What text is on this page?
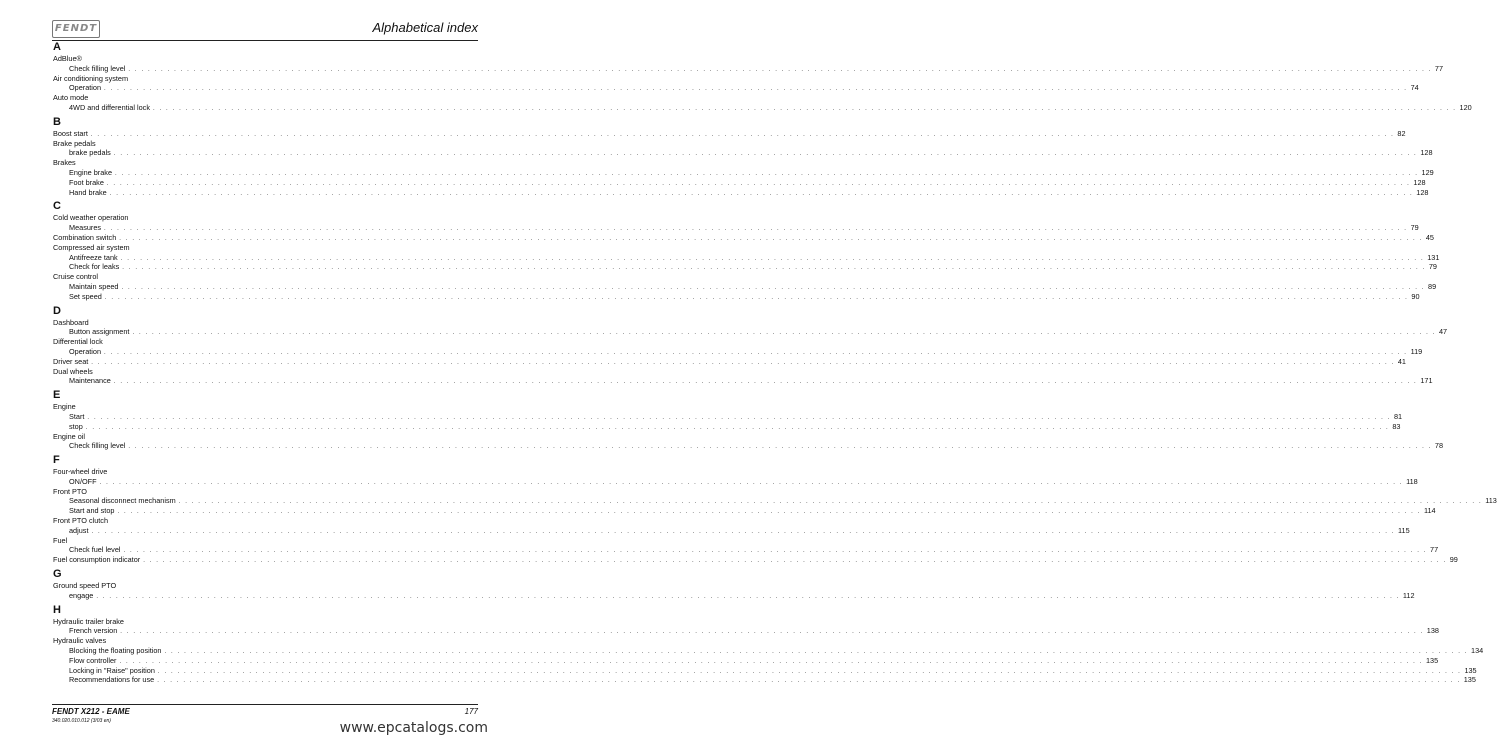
FENDT	Alphabetical index
A
AdBlue®
Check filling level . . . . . . . . . . . . . . . . . . . . . . . . . . . . . . . . . . . . . . . . . . . . . . . . . . . . . . . . . . . . . . . . . . . . . . . . . . . . . . . . . . . . . . . . . . . . . . . . . . . . . . . . . . . . . . . . . . . . . . . . . . . . . . . . . . . . . . . . . . . . . . . . . . . . . . . . . . . . . . . . . . . . . . . . . . . . . . . . . . . . . . . . . . . . . . . . . . . . . . . . 77
Air conditioning system
Operation . . . . . . . . . . . . . . . . . . . . . . . . . . . . . . . . . . . . . . . . . . . . . . . . . . . . . . . . . . . . . . . . . . . . . . . . . . . . . . . . . . . . . . . . . . . . . . . . . . . . . . . . . . . . . . . . . . . . . . . . . . . . . . . . . . . . . . . . . . . . . . . . . . . . . . . . . . . . . . . . . . . . . . . . . . . . . . . . . . . . . . . . . . . . . . . . . . . . . . . . 74
Auto mode
4WD and differential lock . . . . . . . . . . . . . . . . . . . . . . . . . . . . . . . . . . . . . . . . . . . . . . . . . . . . . . . . . . . . . . . . . . . . . . . . . . . . . . . . . . . . . . . . . . . . . . . . . . . . . . . . . . . . . . . . . . . . . . . . . . . . . . . . . . . . . . . . . . . . . . . . . . . . . . . . . . . . . . . . . . . . . . . . . . . . . . . . . . . . . . . . . . . . . . . . . . . . . . . . 120
B
Boost start . . . . . . . . . . . . . . . . . . . . . . . . . . . . . . . . . . . . . . . . . . . . . . . . . . . . . . . . . . . . . . . . . . . . . . . . . . . . . . . . . . . . . . . . . . . . . . . . . . . . . . . . . . . . . . . . . . . . . . . . . . . . . . . . . . . . . . . . . . . . . . . . . . . . . . . . . . . . . . . . . . . . . . . . . . . . . . . . . . . . . . . . . . . . . . . . . . . . . . . . 82
Brake pedals
brake pedals . . . . . . . . . . . . . . . . . . . . . . . . . . . . . . . . . . . . . . . . . . . . . . . . . . . . . . . . . . . . . . . . . . . . . . . . . . . . . . . . . . . . . . . . . . . . . . . . . . . . . . . . . . . . . . . . . . . . . . . . . . . . . . . . . . . . . . . . . . . . . . . . . . . . . . . . . . . . . . . . . . . . . . . . . . . . . . . . . . . . . . . . . . . . . . . . . . . . . . . . 128
Brakes
Engine brake . . . . . . . . . . . . . . . . . . . . . . . . . . . . . . . . . . . . . . . . . . . . . . . . . . . . . . . . . . . . . . . . . . . . . . . . . . . . . . . . . . . . . . . . . . . . . . . . . . . . . . . . . . . . . . . . . . . . . . . . . . . . . . . . . . . . . . . . . . . . . . . . . . . . . . . . . . . . . . . . . . . . . . . . . . . . . . . . . . . . . . . . . . . . . . . . . . . . . . . . 129
Foot brake . . . . . . . . . . . . . . . . . . . . . . . . . . . . . . . . . . . . . . . . . . . . . . . . . . . . . . . . . . . . . . . . . . . . . . . . . . . . . . . . . . . . . . . . . . . . . . . . . . . . . . . . . . . . . . . . . . . . . . . . . . . . . . . . . . . . . . . . . . . . . . . . . . . . . . . . . . . . . . . . . . . . . . . . . . . . . . . . . . . . . . . . . . . . . . . . . . . . . . . . 128
Hand brake . . . . . . . . . . . . . . . . . . . . . . . . . . . . . . . . . . . . . . . . . . . . . . . . . . . . . . . . . . . . . . . . . . . . . . . . . . . . . . . . . . . . . . . . . . . . . . . . . . . . . . . . . . . . . . . . . . . . . . . . . . . . . . . . . . . . . . . . . . . . . . . . . . . . . . . . . . . . . . . . . . . . . . . . . . . . . . . . . . . . . . . . . . . . . . . . . . . . . . . . 128
C
Cold weather operation
Measures . . . . . . . . . . . . . . . . . . . . . . . . . . . . . . . . . . . . . . . . . . . . . . . . . . . . . . . . . . . . . . . . . . . . . . . . . . . . . . . . . . . . . . . . . . . . . . . . . . . . . . . . . . . . . . . . . . . . . . . . . . . . . . . . . . . . . . . . . . . . . . . . . . . . . . . . . . . . . . . . . . . . . . . . . . . . . . . . . . . . . . . . . . . . . . . . . . . . . . . . 79
Combination switch . . . . . . . . . . . . . . . . . . . . . . . . . . . . . . . . . . . . . . . . . . . . . . . . . . . . . . . . . . . . . . . . . . . . . . . . . . . . . . . . . . . . . . . . . . . . . . . . . . . . . . . . . . . . . . . . . . . . . . . . . . . . . . . . . . . . . . . . . . . . . . . . . . . . . . . . . . . . . . . . . . . . . . . . . . . . . . . . . . . . . . . . . . . . . . . . . . . . . . . . 45
Compressed air system
Antifreeze tank . . . . . . . . . . . . . . . . . . . . . . . . . . . . . . . . . . . . . . . . . . . . . . . . . . . . . . . . . . . . . . . . . . . . . . . . . . . . . . . . . . . . . . . . . . . . . . . . . . . . . . . . . . . . . . . . . . . . . . . . . . . . . . . . . . . . . . . . . . . . . . . . . . . . . . . . . . . . . . . . . . . . . . . . . . . . . . . . . . . . . . . . . . . . . . . . . . . . . . . . 131
Check for leaks . . . . . . . . . . . . . . . . . . . . . . . . . . . . . . . . . . . . . . . . . . . . . . . . . . . . . . . . . . . . . . . . . . . . . . . . . . . . . . . . . . . . . . . . . . . . . . . . . . . . . . . . . . . . . . . . . . . . . . . . . . . . . . . . . . . . . . . . . . . . . . . . . . . . . . . . . . . . . . . . . . . . . . . . . . . . . . . . . . . . . . . . . . . . . . . . . . . . . . . . 79
Cruise control
Maintain speed . . . . . . . . . . . . . . . . . . . . . . . . . . . . . . . . . . . . . . . . . . . . . . . . . . . . . . . . . . . . . . . . . . . . . . . . . . . . . . . . . . . . . . . . . . . . . . . . . . . . . . . . . . . . . . . . . . . . . . . . . . . . . . . . . . . . . . . . . . . . . . . . . . . . . . . . . . . . . . . . . . . . . . . . . . . . . . . . . . . . . . . . . . . . . . . . . . . . . . . . 89
Set speed . . . . . . . . . . . . . . . . . . . . . . . . . . . . . . . . . . . . . . . . . . . . . . . . . . . . . . . . . . . . . . . . . . . . . . . . . . . . . . . . . . . . . . . . . . . . . . . . . . . . . . . . . . . . . . . . . . . . . . . . . . . . . . . . . . . . . . . . . . . . . . . . . . . . . . . . . . . . . . . . . . . . . . . . . . . . . . . . . . . . . . . . . . . . . . . . . . . . . . . . 90
D
Dashboard
Button assignment . . . . . . . . . . . . . . . . . . . . . . . . . . . . . . . . . . . . . . . . . . . . . . . . . . . . . . . . . . . . . . . . . . . . . . . . . . . . . . . . . . . . . . . . . . . . . . . . . . . . . . . . . . . . . . . . . . . . . . . . . . . . . . . . . . . . . . . . . . . . . . . . . . . . . . . . . . . . . . . . . . . . . . . . . . . . . . . . . . . . . . . . . . . . . . . . . . . . . . . . 47
Differential lock
Operation . . . . . . . . . . . . . . . . . . . . . . . . . . . . . . . . . . . . . . . . . . . . . . . . . . . . . . . . . . . . . . . . . . . . . . . . . . . . . . . . . . . . . . . . . . . . . . . . . . . . . . . . . . . . . . . . . . . . . . . . . . . . . . . . . . . . . . . . . . . . . . . . . . . . . . . . . . . . . . . . . . . . . . . . . . . . . . . . . . . . . . . . . . . . . . . . . . . . . . . . 119
Driver seat . . . . . . . . . . . . . . . . . . . . . . . . . . . . . . . . . . . . . . . . . . . . . . . . . . . . . . . . . . . . . . . . . . . . . . . . . . . . . . . . . . . . . . . . . . . . . . . . . . . . . . . . . . . . . . . . . . . . . . . . . . . . . . . . . . . . . . . . . . . . . . . . . . . . . . . . . . . . . . . . . . . . . . . . . . . . . . . . . . . . . . . . . . . . . . . . . . . . . . . . 41
Dual wheels
Maintenance . . . . . . . . . . . . . . . . . . . . . . . . . . . . . . . . . . . . . . . . . . . . . . . . . . . . . . . . . . . . . . . . . . . . . . . . . . . . . . . . . . . . . . . . . . . . . . . . . . . . . . . . . . . . . . . . . . . . . . . . . . . . . . . . . . . . . . . . . . . . . . . . . . . . . . . . . . . . . . . . . . . . . . . . . . . . . . . . . . . . . . . . . . . . . . . . . . . . . . . . 171
E
Engine
Start . . . . . . . . . . . . . . . . . . . . . . . . . . . . . . . . . . . . . . . . . . . . . . . . . . . . . . . . . . . . . . . . . . . . . . . . . . . . . . . . . . . . . . . . . . . . . . . . . . . . . . . . . . . . . . . . . . . . . . . . . . . . . . . . . . . . . . . . . . . . . . . . . . . . . . . . . . . . . . . . . . . . . . . . . . . . . . . . . . . . . . . . . . . . . . . . . . . . . . . . 81
stop . . . . . . . . . . . . . . . . . . . . . . . . . . . . . . . . . . . . . . . . . . . . . . . . . . . . . . . . . . . . . . . . . . . . . . . . . . . . . . . . . . . . . . . . . . . . . . . . . . . . . . . . . . . . . . . . . . . . . . . . . . . . . . . . . . . . . . . . . . . . . . . . . . . . . . . . . . . . . . . . . . . . . . . . . . . . . . . . . . . . . . . . . . . . . . . . . . . . . . . . 83
Engine oil
Check filling level . . . . . . . . . . . . . . . . . . . . . . . . . . . . . . . . . . . . . . . . . . . . . . . . . . . . . . . . . . . . . . . . . . . . . . . . . . . . . . . . . . . . . . . . . . . . . . . . . . . . . . . . . . . . . . . . . . . . . . . . . . . . . . . . . . . . . . . . . . . . . . . . . . . . . . . . . . . . . . . . . . . . . . . . . . . . . . . . . . . . . . . . . . . . . . . . . . . . . . . . 78
F
Four-wheel drive
ON/OFF . . . . . . . . . . . . . . . . . . . . . . . . . . . . . . . . . . . . . . . . . . . . . . . . . . . . . . . . . . . . . . . . . . . . . . . . . . . . . . . . . . . . . . . . . . . . . . . . . . . . . . . . . . . . . . . . . . . . . . . . . . . . . . . . . . . . . . . . . . . . . . . . . . . . . . . . . . . . . . . . . . . . . . . . . . . . . . . . . . . . . . . . . . . . . . . . . . . . . . . . 118
Front PTO
Seasonal disconnect mechanism . . . . . . . . . . . . . . . . . . . . . . . . . . . . . . . . . . . . . . . . . . . . . . . . . . . . . . . . . . . . . . . . . . . . . . . . . . . . . . . . . . . . . . . . . . . . . . . . . . . . . . . . . . . . . . . . . . . . . . . . . . . . . . . . . . . . . . . . . . . . . . . . . . . . . . . . . . . . . . . . . . . . . . . . . . . . . . . . . . . . . . . . . . . . . . . . . . . . . . . . 113
Start and stop . . . . . . . . . . . . . . . . . . . . . . . . . . . . . . . . . . . . . . . . . . . . . . . . . . . . . . . . . . . . . . . . . . . . . . . . . . . . . . . . . . . . . . . . . . . . . . . . . . . . . . . . . . . . . . . . . . . . . . . . . . . . . . . . . . . . . . . . . . . . . . . . . . . . . . . . . . . . . . . . . . . . . . . . . . . . . . . . . . . . . . . . . . . . . . . . . . . . . . . . 114
Front PTO clutch
adjust . . . . . . . . . . . . . . . . . . . . . . . . . . . . . . . . . . . . . . . . . . . . . . . . . . . . . . . . . . . . . . . . . . . . . . . . . . . . . . . . . . . . . . . . . . . . . . . . . . . . . . . . . . . . . . . . . . . . . . . . . . . . . . . . . . . . . . . . . . . . . . . . . . . . . . . . . . . . . . . . . . . . . . . . . . . . . . . . . . . . . . . . . . . . . . . . . . . . . . . . 115
Fuel
Check fuel level . . . . . . . . . . . . . . . . . . . . . . . . . . . . . . . . . . . . . . . . . . . . . . . . . . . . . . . . . . . . . . . . . . . . . . . . . . . . . . . . . . . . . . . . . . . . . . . . . . . . . . . . . . . . . . . . . . . . . . . . . . . . . . . . . . . . . . . . . . . . . . . . . . . . . . . . . . . . . . . . . . . . . . . . . . . . . . . . . . . . . . . . . . . . . . . . . . . . . . . . 77
Fuel consumption indicator . . . . . . . . . . . . . . . . . . . . . . . . . . . . . . . . . . . . . . . . . . . . . . . . . . . . . . . . . . . . . . . . . . . . . . . . . . . . . . . . . . . . . . . . . . . . . . . . . . . . . . . . . . . . . . . . . . . . . . . . . . . . . . . . . . . . . . . . . . . . . . . . . . . . . . . . . . . . . . . . . . . . . . . . . . . . . . . . . . . . . . . . . . . . . . . . . . . . . . . . 99
G
Ground speed PTO
engage . . . . . . . . . . . . . . . . . . . . . . . . . . . . . . . . . . . . . . . . . . . . . . . . . . . . . . . . . . . . . . . . . . . . . . . . . . . . . . . . . . . . . . . . . . . . . . . . . . . . . . . . . . . . . . . . . . . . . . . . . . . . . . . . . . . . . . . . . . . . . . . . . . . . . . . . . . . . . . . . . . . . . . . . . . . . . . . . . . . . . . . . . . . . . . . . . . . . . . . . 112
H
Hydraulic trailer brake
French version . . . . . . . . . . . . . . . . . . . . . . . . . . . . . . . . . . . . . . . . . . . . . . . . . . . . . . . . . . . . . . . . . . . . . . . . . . . . . . . . . . . . . . . . . . . . . . . . . . . . . . . . . . . . . . . . . . . . . . . . . . . . . . . . . . . . . . . . . . . . . . . . . . . . . . . . . . . . . . . . . . . . . . . . . . . . . . . . . . . . . . . . . . . . . . . . . . . . . . . . 138
Hydraulic valves
Blocking the floating position . . . . . . . . . . . . . . . . . . . . . . . . . . . . . . . . . . . . . . . . . . . . . . . . . . . . . . . . . . . . . . . . . . . . . . . . . . . . . . . . . . . . . . . . . . . . . . . . . . . . . . . . . . . . . . . . . . . . . . . . . . . . . . . . . . . . . . . . . . . . . . . . . . . . . . . . . . . . . . . . . . . . . . . . . . . . . . . . . . . . . . . . . . . . . . . . . . . . . . . . 134
Flow controller . . . . . . . . . . . . . . . . . . . . . . . . . . . . . . . . . . . . . . . . . . . . . . . . . . . . . . . . . . . . . . . . . . . . . . . . . . . . . . . . . . . . . . . . . . . . . . . . . . . . . . . . . . . . . . . . . . . . . . . . . . . . . . . . . . . . . . . . . . . . . . . . . . . . . . . . . . . . . . . . . . . . . . . . . . . . . . . . . . . . . . . . . . . . . . . . . . . . . . . . 135
Locking in "Raise" position . . . . . . . . . . . . . . . . . . . . . . . . . . . . . . . . . . . . . . . . . . . . . . . . . . . . . . . . . . . . . . . . . . . . . . . . . . . . . . . . . . . . . . . . . . . . . . . . . . . . . . . . . . . . . . . . . . . . . . . . . . . . . . . . . . . . . . . . . . . . . . . . . . . . . . . . . . . . . . . . . . . . . . . . . . . . . . . . . . . . . . . . . . . . . . . . . . . . . . . . 135
Recommendations for use . . . . . . . . . . . . . . . . . . . . . . . . . . . . . . . . . . . . . . . . . . . . . . . . . . . . . . . . . . . . . . . . . . . . . . . . . . . . . . . . . . . . . . . . . . . . . . . . . . . . . . . . . . . . . . . . . . . . . . . . . . . . . . . . . . . . . . . . . . . . . . . . . . . . . . . . . . . . . . . . . . . . . . . . . . . . . . . . . . . . . . . . . . . . . . . . . . . . . . . . 135
FENDT X212 - EAME
340.020.010.012 (3/03 en)
177
www.epcatalogs.com
